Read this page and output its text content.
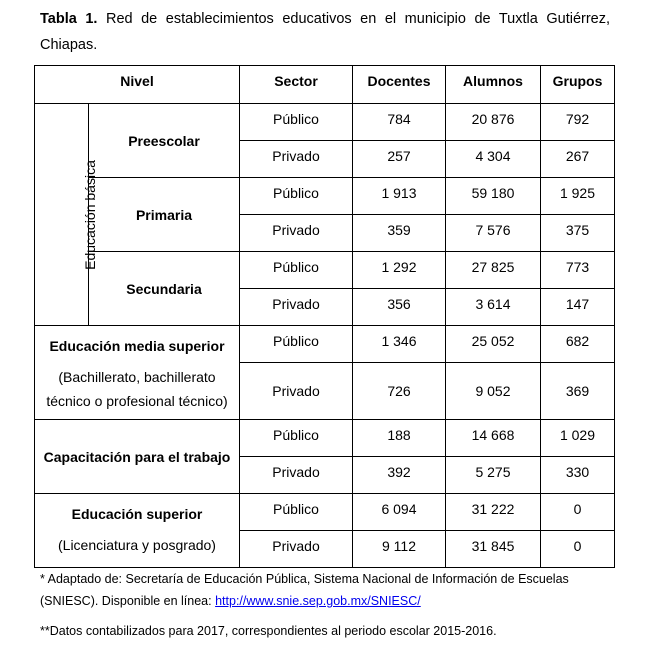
Tabla 1. Red de establecimientos educativos en el municipio de Tuxtla Gutiérrez, Chiapas.
Nivel		Sector	Docentes	Alumnos	Grupos
Educación básica	Preescolar	Público	784	20 876	792
		Privado	257	4 304	267
	Primaria	Público	1 913	59 180	1 925
		Privado	359	7 576	375
	Secundaria	Público	1 292	27 825	773
		Privado	356	3 614	147

Educación media superior
(Bachillerato, bachillerato técnico o profesional técnico)		Público	1 346	25 052	682
		Privado	726	9 052	369
Capacitación para el trabajo		Público	188	14 668	1 029
		Privado	392	5 275	330

Educación superior
(Licenciatura y posgrado)		Público	6 094	31 222	0
		Privado	9 112	31 845	0
* Adaptado de: Secretaría de Educación Pública, Sistema Nacional de Información de Escuelas (SNIESC). Disponible en línea: http://www.snie.sep.gob.mx/SNIESC/
**Datos contabilizados para 2017, correspondientes al periodo escolar 2015-2016.
